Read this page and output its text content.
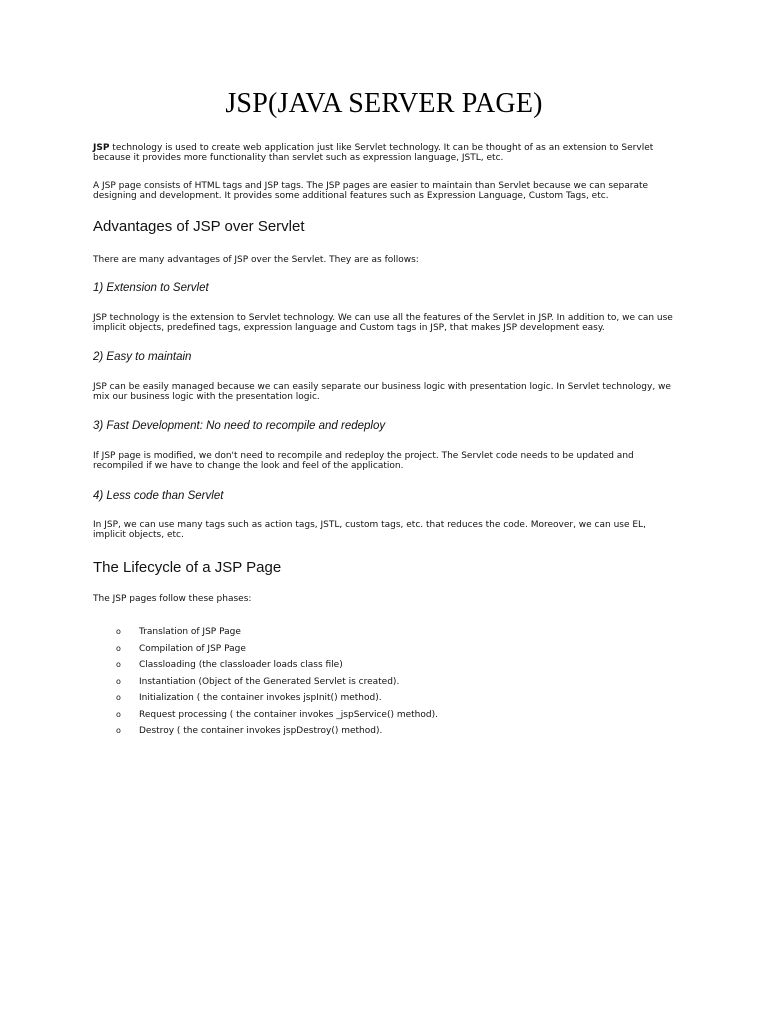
JSP(JAVA SERVER PAGE)
JSP technology is used to create web application just like Servlet technology. It can be thought of as an extension to Servlet because it provides more functionality than servlet such as expression language, JSTL, etc.
A JSP page consists of HTML tags and JSP tags. The JSP pages are easier to maintain than Servlet because we can separate designing and development. It provides some additional features such as Expression Language, Custom Tags, etc.
Advantages of JSP over Servlet
There are many advantages of JSP over the Servlet. They are as follows:
1) Extension to Servlet
JSP technology is the extension to Servlet technology. We can use all the features of the Servlet in JSP. In addition to, we can use implicit objects, predefined tags, expression language and Custom tags in JSP, that makes JSP development easy.
2) Easy to maintain
JSP can be easily managed because we can easily separate our business logic with presentation logic. In Servlet technology, we mix our business logic with the presentation logic.
3) Fast Development: No need to recompile and redeploy
If JSP page is modified, we don't need to recompile and redeploy the project. The Servlet code needs to be updated and recompiled if we have to change the look and feel of the application.
4) Less code than Servlet
In JSP, we can use many tags such as action tags, JSTL, custom tags, etc. that reduces the code. Moreover, we can use EL, implicit objects, etc.
The Lifecycle of a JSP Page
The JSP pages follow these phases:
o	Translation of JSP Page
o	Compilation of JSP Page
o	Classloading (the classloader loads class file)
o	Instantiation (Object of the Generated Servlet is created).
o	Initialization ( the container invokes jspInit() method).
o	Request processing ( the container invokes _jspService() method).
o	Destroy ( the container invokes jspDestroy() method).
